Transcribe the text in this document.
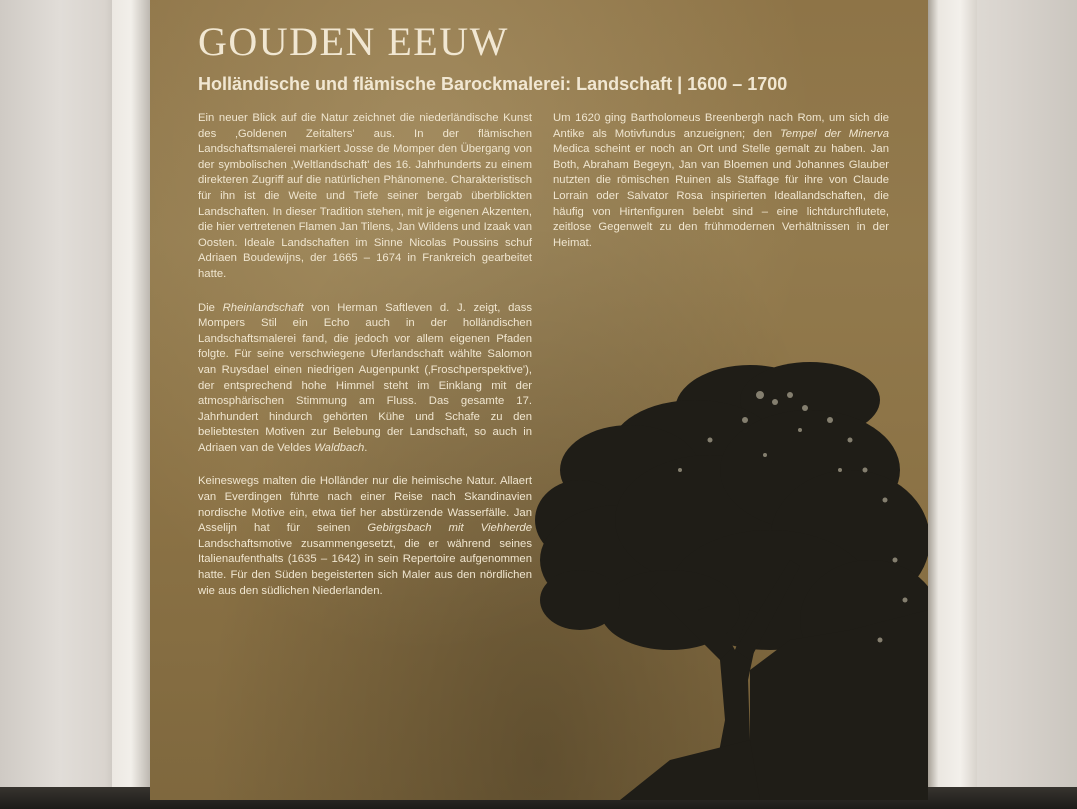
GOUDEN EEUW
Holländische und flämische Barockmalerei: Landschaft | 1600 – 1700

Ein neuer Blick auf die Natur zeichnet die niederländische Kunst des ‚Goldenen Zeitalters' aus. In der flämischen Landschaftsmalerei markiert Josse de Momper den Übergang von der symbolischen ‚Weltlandschaft' des 16. Jahrhunderts zu einem direkteren Zugriff auf die natürlichen Phänomene. Charakteristisch für ihn ist die Weite und Tiefe seiner bergab überblickten Landschaften. In dieser Tradition stehen, mit je eigenen Akzenten, die hier vertretenen Flamen Jan Tilens, Jan Wildens und Izaak van Oosten. Ideale Landschaften im Sinne Nicolas Poussins schuf Adriaen Boudewijns, der 1665 – 1674 in Frankreich gearbeitet hatte.

Die Rheinlandschaft von Herman Saftleven d. J. zeigt, dass Mompers Stil ein Echo auch in der holländischen Landschaftsmalerei fand, die jedoch vor allem eigenen Pfaden folgte. Für seine verschwiegene Uferlandschaft wählte Salomon van Ruysdael einen niedrigen Augenpunkt (‚Froschperspektive'), der entsprechend hohe Himmel steht im Einklang mit der atmosphärischen Stimmung am Fluss. Das gesamte 17. Jahrhundert hindurch gehörten Kühe und Schafe zu den beliebtesten Motiven zur Belebung der Landschaft, so auch in Adriaen van de Veldes Waldbach.

Keineswegs malten die Holländer nur die heimische Natur. Allaert van Everdingen führte nach einer Reise nach Skandinavien nordische Motive ein, etwa tief her abstürzende Wasserfälle. Jan Asselijn hat für seinen Gebirgsbach mit Viehherde Landschaftsmotive zusammengesetzt, die er während seines Italienaufenthalts (1635 – 1642) in sein Repertoire aufgenommen hatte. Für den Süden begeisterten sich Maler aus den nördlichen wie aus den südlichen Niederlanden.

Um 1620 ging Bartholomeus Breenbergh nach Rom, um sich die Antike als Motivfundus anzueignen; den Tempel der Minerva Medica scheint er noch an Ort und Stelle gemalt zu haben. Jan Both, Abraham Begeyn, Jan van Bloemen und Johannes Glauber nutzten die römischen Ruinen als Staffage für ihre von Claude Lorrain oder Salvator Rosa inspirierten Ideallandschaften, die häufig von Hirtenfiguren belebt sind – eine lichtdurchflutete, zeitlose Gegenwelt zu den frühmodernen Verhältnissen in der Heimat.
